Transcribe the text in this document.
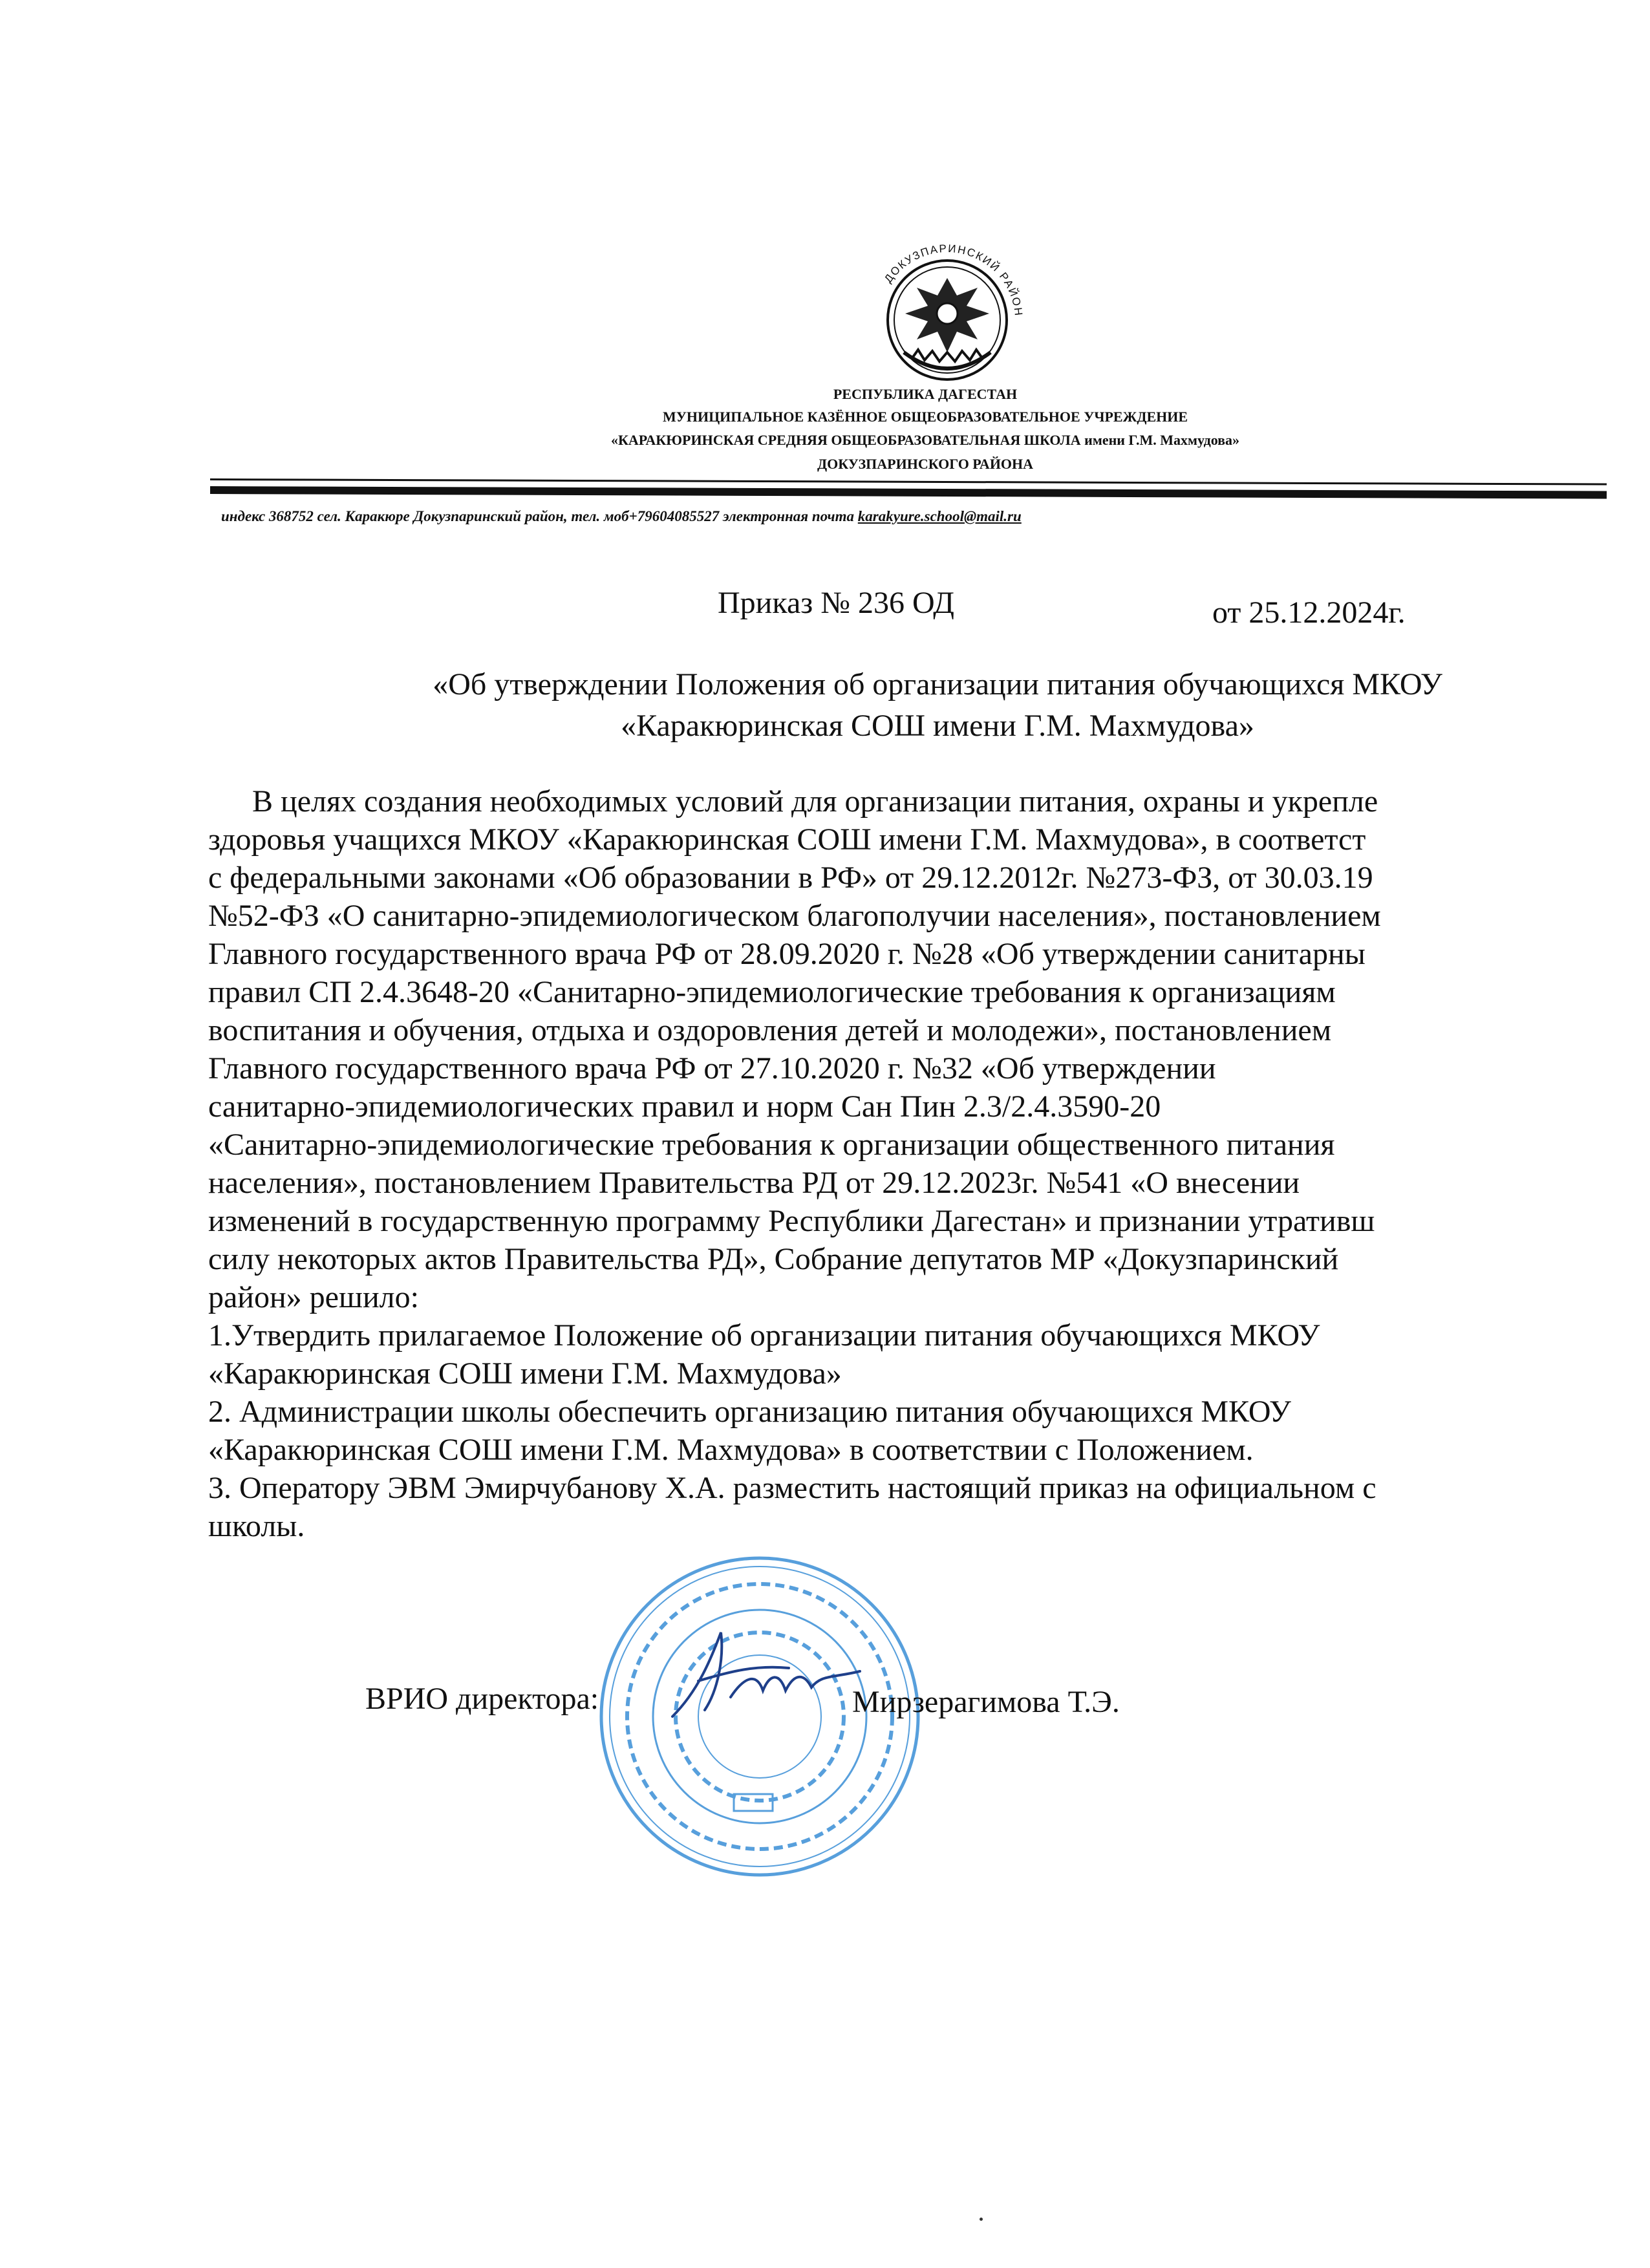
ДОКУЗПАРИНСКИЙ РАЙОН
РЕСПУБЛИКА ДАГЕСТАН
МУНИЦИПАЛЬНОЕ КАЗЁННОЕ ОБЩЕОБРАЗОВАТЕЛЬНОЕ УЧРЕЖДЕНИЕ
«КАРАКЮРИНСКАЯ СРЕДНЯЯ ОБЩЕОБРАЗОВАТЕЛЬНАЯ ШКОЛА имени Г.М. Махмудова»
ДОКУЗПАРИНСКОГО РАЙОНА
индекс 368752 сел. Каракюре Докузпаринский район, тел. моб+79604085527 электронная почта karakyure.school@mail.ru
Приказ № 236 ОД	от 25.12.2024г.
«Об утверждении Положения об организации питания обучающихся МКОУ
«Каракюринская СОШ имени Г.М. Махмудова»

В целях создания необходимых условий для организации питания, охраны и укрепле

здоровья учащихся МКОУ «Каракюринская СОШ имени Г.М. Махмудова», в соответст

с федеральными законами «Об образовании в РФ» от 29.12.2012г. №273-ФЗ, от 30.03.19

№52-ФЗ «О санитарно-эпидемиологическом благополучии населения», постановлением

Главного государственного врача РФ от 28.09.2020 г. №28 «Об утверждении санитарны

правил СП 2.4.3648-20 «Санитарно-эпидемиологические требования к организациям

воспитания и обучения, отдыха и оздоровления детей и молодежи», постановлением

Главного государственного врача РФ от 27.10.2020 г. №32 «Об утверждении

санитарно-эпидемиологических правил и норм Сан Пин 2.3/2.4.3590-20

«Санитарно-эпидемиологические требования к организации общественного питания

населения», постановлением Правительства РД от 29.12.2023г. №541 «О внесении

изменений в государственную программу Республики Дагестан» и признании утративш

силу некоторых актов Правительства РД», Собрание депутатов МР «Докузпаринский

район» решило:

1.Утвердить прилагаемое Положение об организации питания обучающихся МКОУ

«Каракюринская СОШ имени Г.М. Махмудова»

2. Администрации школы обеспечить организацию питания обучающихся МКОУ

«Каракюринская СОШ имени Г.М. Махмудова» в соответствии с Положением.

3. Оператору ЭВМ Эмирчубанову Х.А. разместить настоящий приказ на официальном с

школы.

ВРИО директора:	Мирзерагимова Т.Э.
